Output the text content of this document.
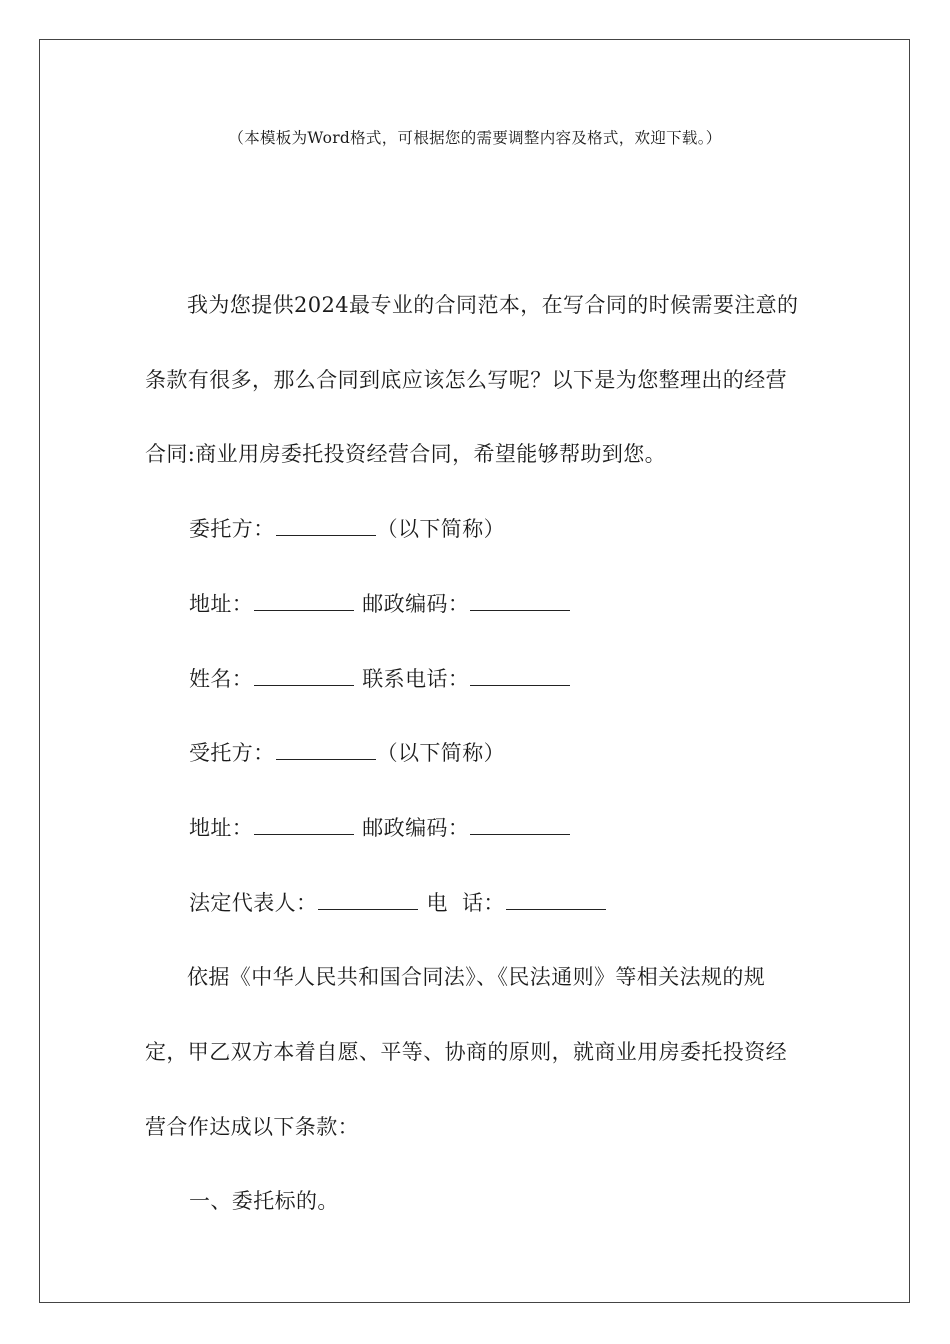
（本模板为Word格式，可根据您的需要调整内容及格式，欢迎下载。）

我为您提供2024最专业的合同范本，在写合同的时候需要注意的条款有很多，那么合同到底应该怎么写呢？以下是为您整理出的经营合同:商业用房委托投资经营合同，希望能够帮助到您。

委托方：	（以下简称）

地址：	邮政编码：

姓名：	联系电话：

受托方：	（以下简称）

地址：	邮政编码：

法定代表人：	电  话：

依据《中华人民共和国合同法》、《民法通则》等相关法规的规定，甲乙双方本着自愿、平等、协商的原则，就商业用房委托投资经营合作达成以下条款：

一、委托标的。
